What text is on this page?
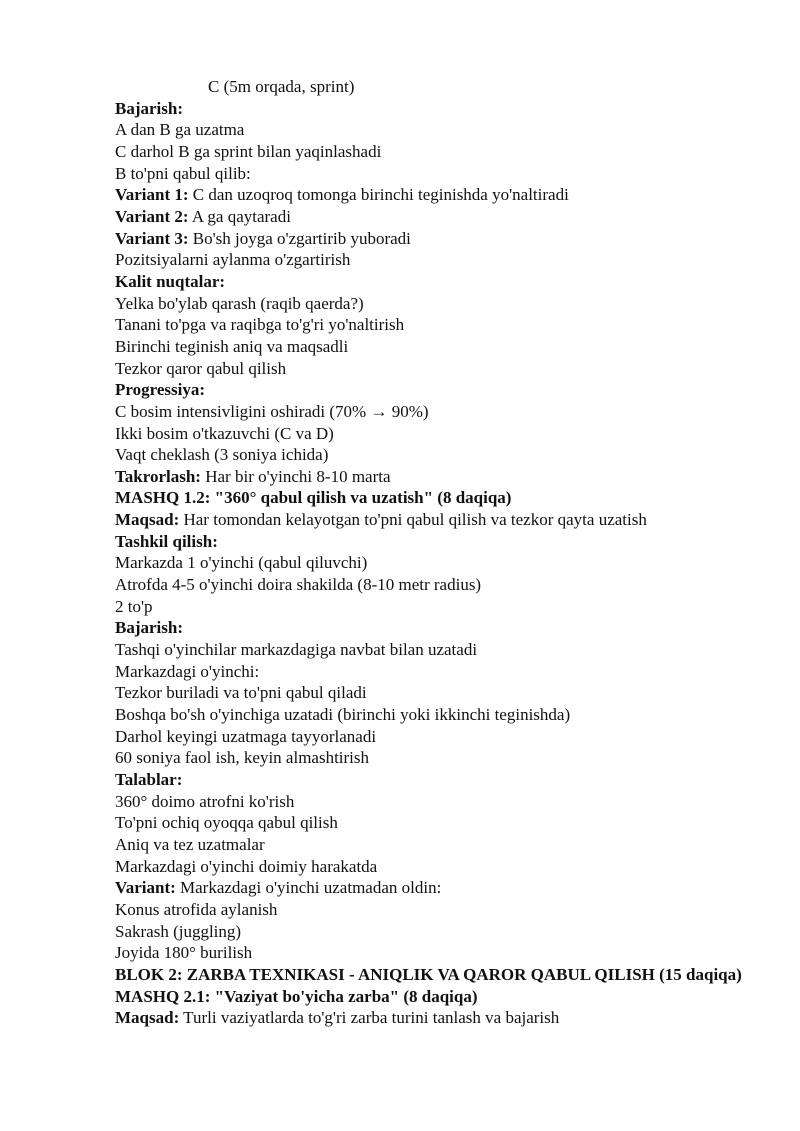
C (5m orqada, sprint)
Bajarish:
A dan B ga uzatma
C darhol B ga sprint bilan yaqinlashadi
B to'pni qabul qilib:
Variant 1: C dan uzoqroq tomonga birinchi teginishda yo'naltiradi
Variant 2: A ga qaytaradi
Variant 3: Bo'sh joyga o'zgartirib yuboradi
Pozitsiyalarni aylanma o'zgartirish
Kalit nuqtalar:
Yelka bo'ylab qarash (raqib qaerda?)
Tanani to'pga va raqibga to'g'ri yo'naltirish
Birinchi teginish aniq va maqsadli
Tezkor qaror qabul qilish
Progressiya:
C bosim intensivligini oshiradi (70% → 90%)
Ikki bosim o'tkazuvchi (C va D)
Vaqt cheklash (3 soniya ichida)
Takrorlash: Har bir o'yinchi 8-10 marta
MASHQ 1.2: "360° qabul qilish va uzatish" (8 daqiqa)
Maqsad: Har tomondan kelayotgan to'pni qabul qilish va tezkor qayta uzatish
Tashkil qilish:
Markazda 1 o'yinchi (qabul qiluvchi)
Atrofda 4-5 o'yinchi doira shakilda (8-10 metr radius)
2 to'p
Bajarish:
Tashqi o'yinchilar markazdagiga navbat bilan uzatadi
Markazdagi o'yinchi:
Tezkor buriladi va to'pni qabul qiladi
Boshqa bo'sh o'yinchiga uzatadi (birinchi yoki ikkinchi teginishda)
Darhol keyingi uzatmaga tayyorlanadi
60 soniya faol ish, keyin almashtirish
Talablar:
360° doimo atrofni ko'rish
To'pni ochiq oyoqqa qabul qilish
Aniq va tez uzatmalar
Markazdagi o'yinchi doimiy harakatda
Variant: Markazdagi o'yinchi uzatmadan oldin:
Konus atrofida aylanish
Sakrash (juggling)
Joyida 180° burilish
BLOK 2: ZARBA TEXNIKASI - ANIQLIK VA QAROR QABUL QILISH (15 daqiqa)
MASHQ 2.1: "Vaziyat bo'yicha zarba" (8 daqiqa)
Maqsad: Turli vaziyatlarda to'g'ri zarba turini tanlash va bajarish
